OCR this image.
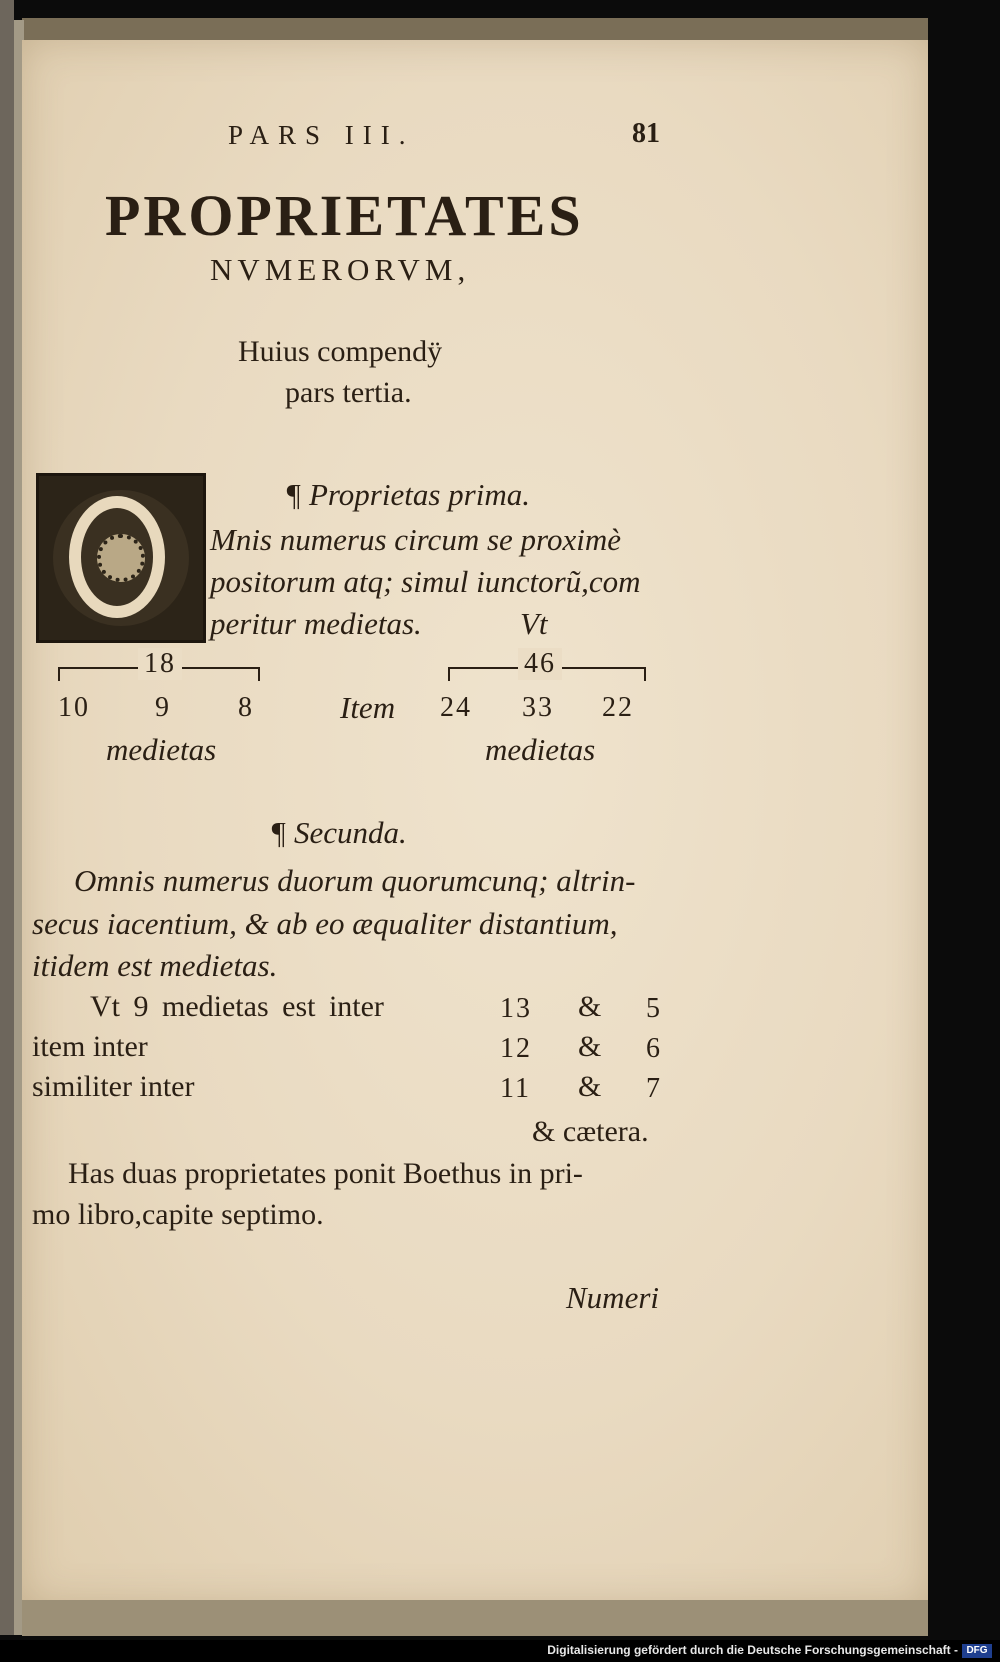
PARS III.	81
PROPRIETATES
NVMERORVM,
Huius compendÿ
pars tertia.
¶ Proprietas prima.
Mnis numerus circum se proximè
positorum atq; simul iunctorũ,com
peritur medietas.	Vt
18
10 9 8
medietas
Item
46
24 33 22
medietas
¶ Secunda.
Omnis numerus duorum quorumcunq; altrin-
secus iacentium, & ab eo æqualiter distantium,
itidem est medietas.
Vt 9 medietas est inter	13 & 5
item inter	12 & 6
similiter inter	11 & 7
& cætera.
Has duas proprietates ponit Boethus in pri-
mo libro,capite septimo.
Numeri
Digitalisierung gefördert durch die Deutsche Forschungsgemeinschaft - DFG
